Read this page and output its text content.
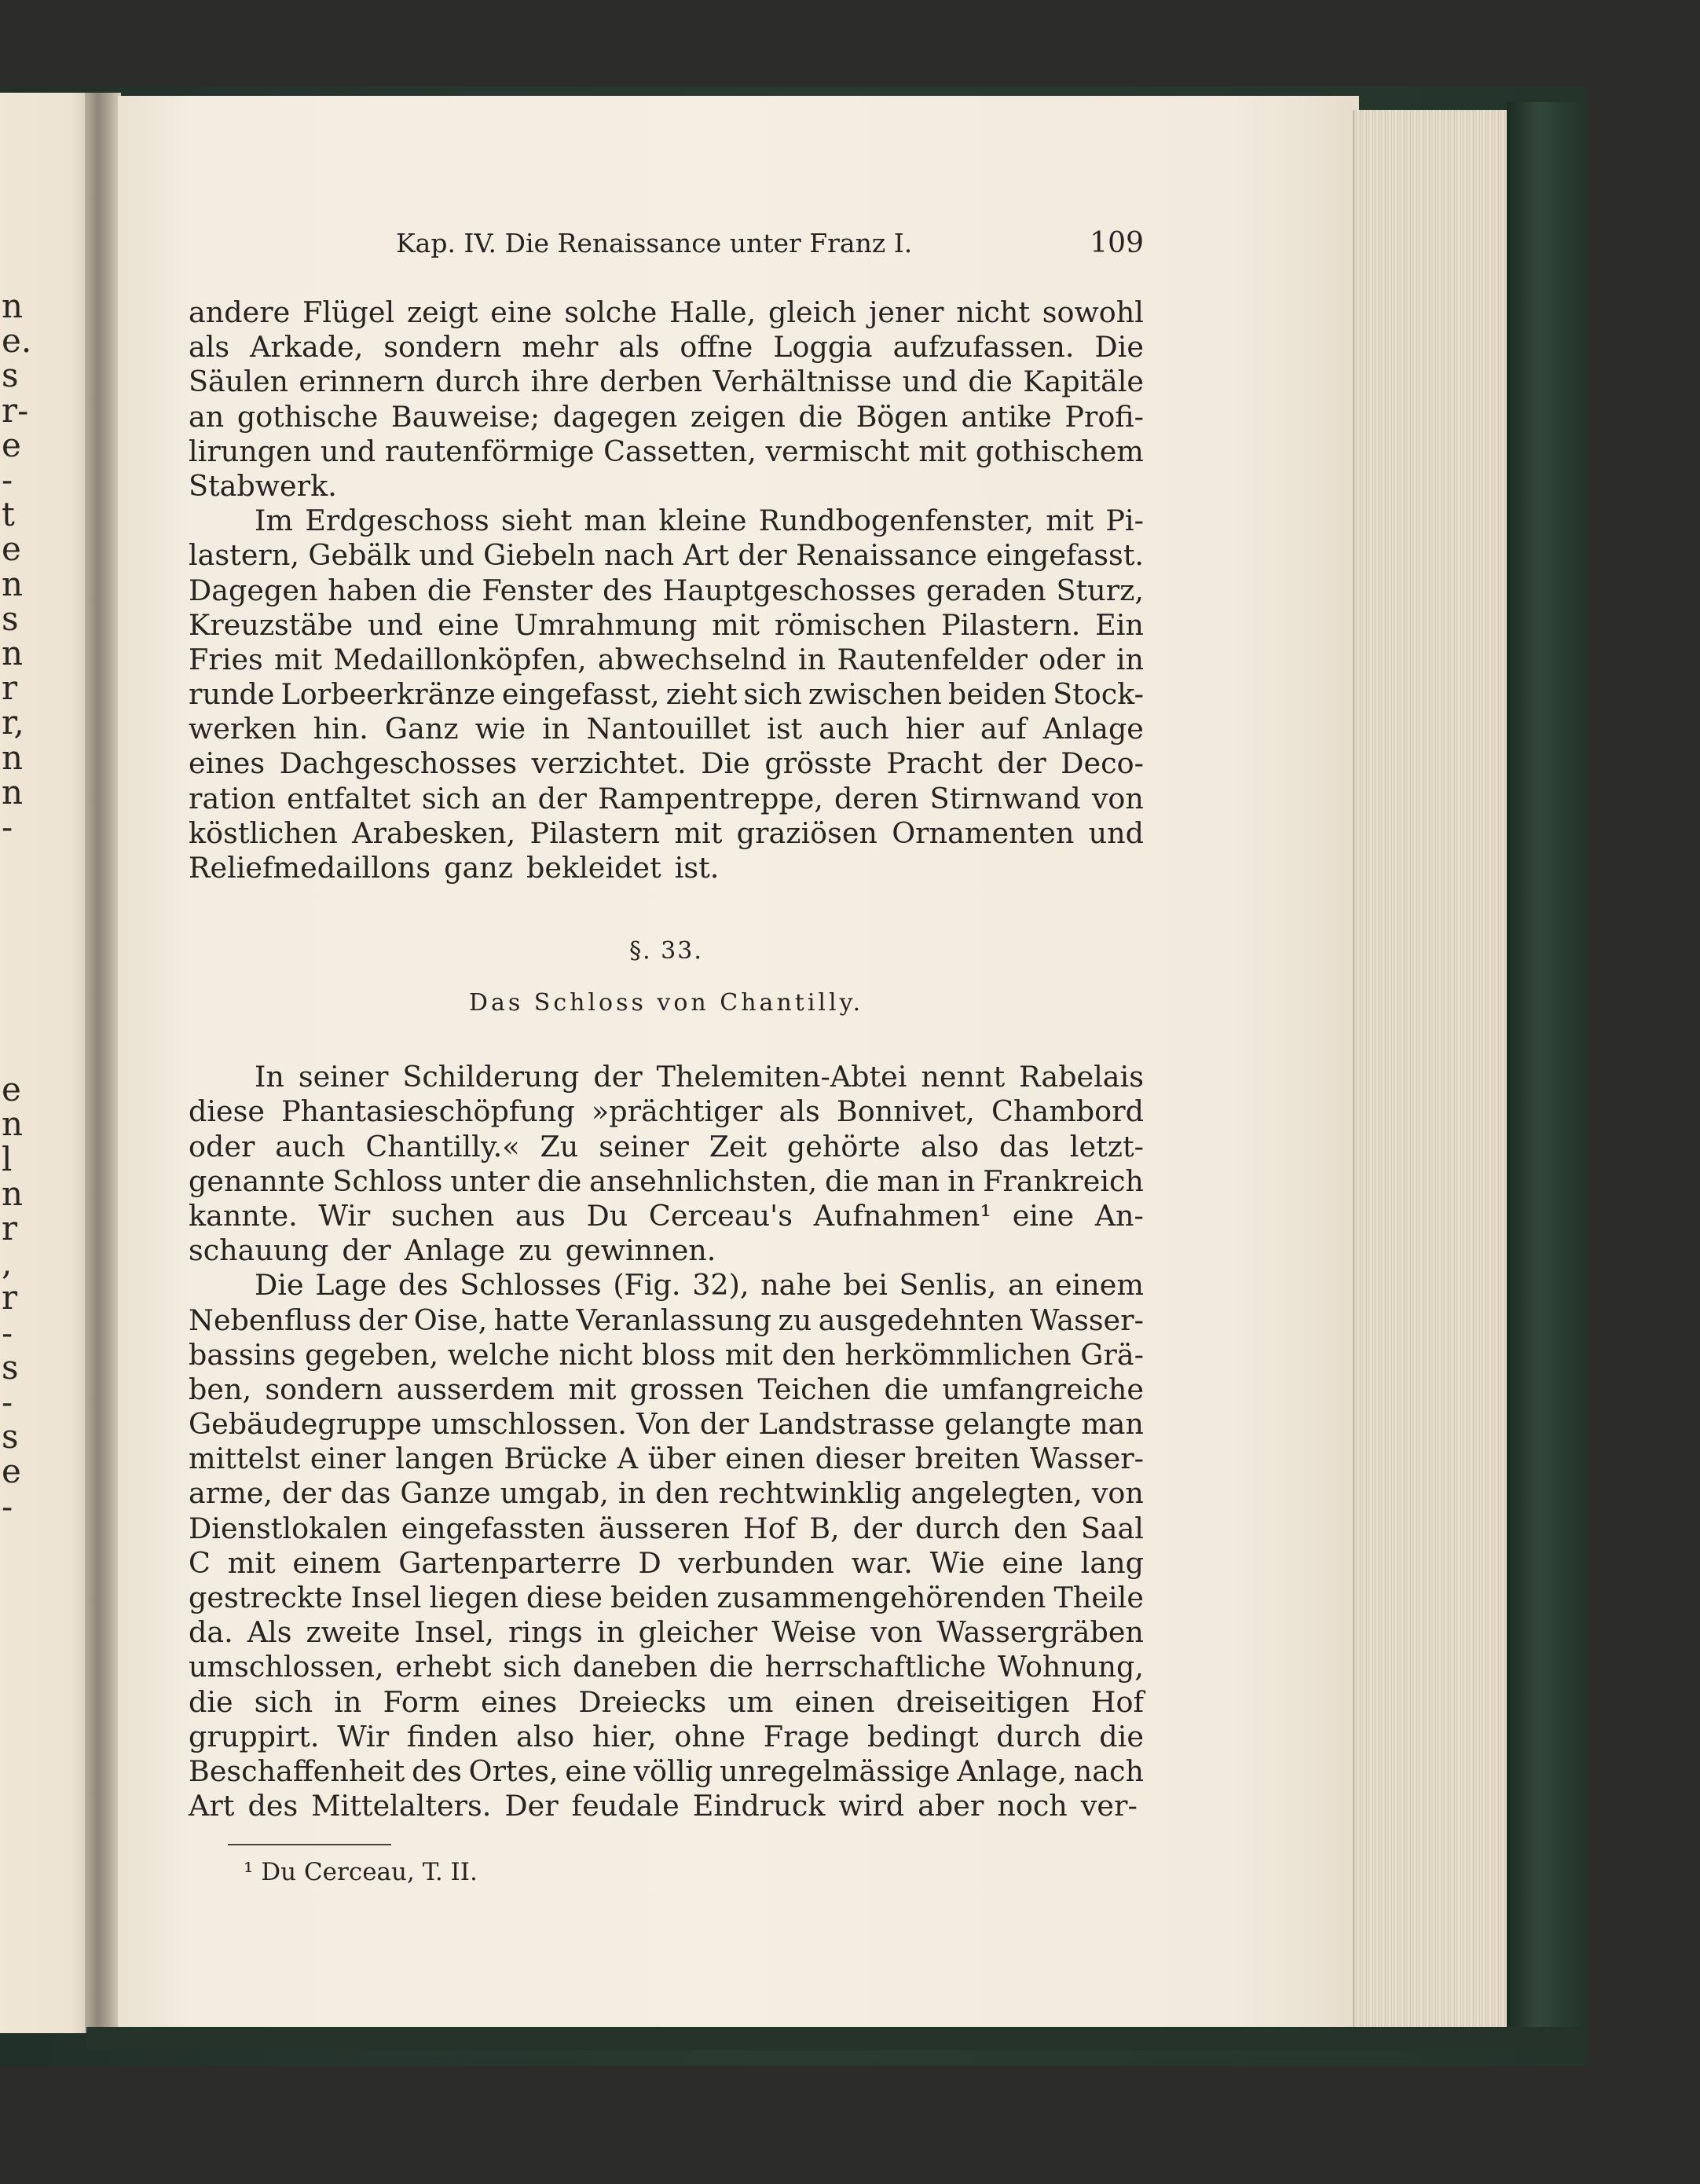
n
e.
s
r-
e
-
t
e
n
s
n
r
r,
n
n
-
e
n
l
n
r
,
r
-
s
-
s
e
-
Kap. IV. Die Renaissance unter Franz I.	109
andere Flügel zeigt eine solche Halle, gleich jener nicht sowohl
als Arkade, sondern mehr als offne Loggia aufzufassen. Die
Säulen erinnern durch ihre derben Verhältnisse und die Kapitäle
an gothische Bauweise; dagegen zeigen die Bögen antike Profi-
lirungen und rautenförmige Cassetten, vermischt mit gothischem
Stabwerk.
Im Erdgeschoss sieht man kleine Rundbogenfenster, mit Pi-
lastern, Gebälk und Giebeln nach Art der Renaissance eingefasst.
Dagegen haben die Fenster des Hauptgeschosses geraden Sturz,
Kreuzstäbe und eine Umrahmung mit römischen Pilastern. Ein
Fries mit Medaillonköpfen, abwechselnd in Rautenfelder oder in
runde Lorbeerkränze eingefasst, zieht sich zwischen beiden Stock-
werken hin. Ganz wie in Nantouillet ist auch hier auf Anlage
eines Dachgeschosses verzichtet. Die grösste Pracht der Deco-
ration entfaltet sich an der Rampentreppe, deren Stirnwand von
köstlichen Arabesken, Pilastern mit graziösen Ornamenten und
Reliefmedaillons ganz bekleidet ist.
§. 33.
Das Schloss von Chantilly.
In seiner Schilderung der Thelemiten-Abtei nennt Rabelais
diese Phantasieschöpfung »prächtiger als Bonnivet, Chambord
oder auch Chantilly.« Zu seiner Zeit gehörte also das letzt-
genannte Schloss unter die ansehnlichsten, die man in Frankreich
kannte. Wir suchen aus Du Cerceau's Aufnahmen¹ eine An-
schauung der Anlage zu gewinnen.
Die Lage des Schlosses (Fig. 32), nahe bei Senlis, an einem
Nebenfluss der Oise, hatte Veranlassung zu ausgedehnten Wasser-
bassins gegeben, welche nicht bloss mit den herkömmlichen Grä-
ben, sondern ausserdem mit grossen Teichen die umfangreiche
Gebäudegruppe umschlossen. Von der Landstrasse gelangte man
mittelst einer langen Brücke A über einen dieser breiten Wasser-
arme, der das Ganze umgab, in den rechtwinklig angelegten, von
Dienstlokalen eingefassten äusseren Hof B, der durch den Saal
C mit einem Gartenparterre D verbunden war. Wie eine lang
gestreckte Insel liegen diese beiden zusammengehörenden Theile
da. Als zweite Insel, rings in gleicher Weise von Wassergräben
umschlossen, erhebt sich daneben die herrschaftliche Wohnung,
die sich in Form eines Dreiecks um einen dreiseitigen Hof
gruppirt. Wir finden also hier, ohne Frage bedingt durch die
Beschaffenheit des Ortes, eine völlig unregelmässige Anlage, nach
Art des Mittelalters. Der feudale Eindruck wird aber noch ver-
¹ Du Cerceau, T. II.
